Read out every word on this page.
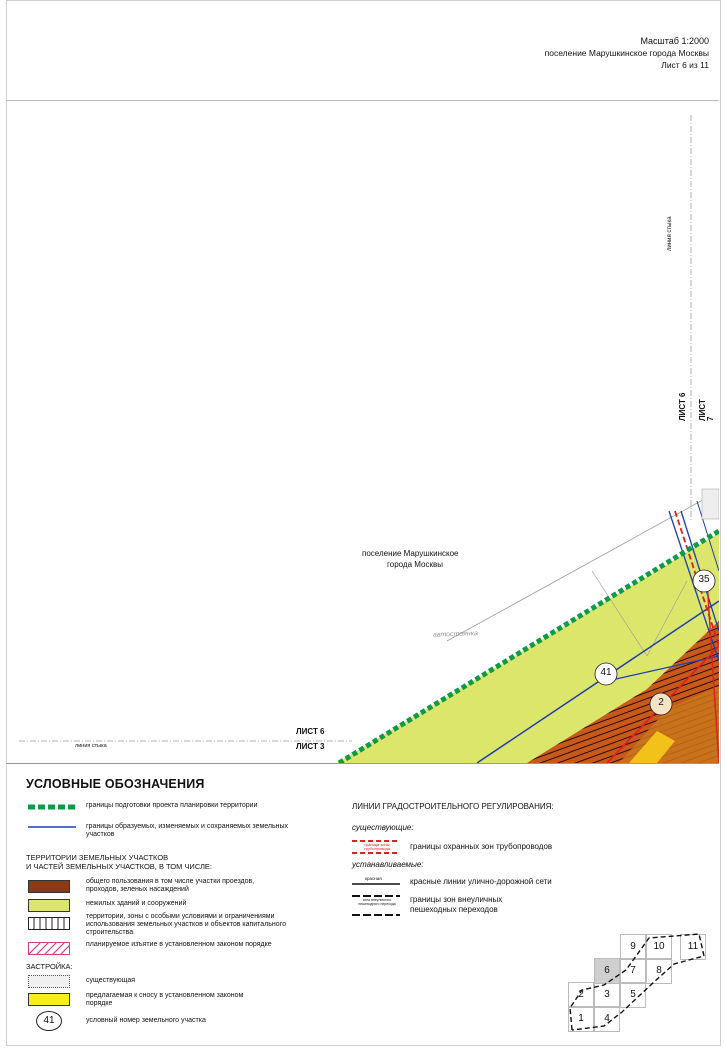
Масштаб 1:2000
поселение Марушкинское города Москвы
Лист 6 из 11
41
2
35
поселение Марушкинское
города Москвы
автостоянка
линия стыка
ЛИСТ 6 ЛИСТ 7
ЛИСТ 6
ЛИСТ 3
линия стыка
УСЛОВНЫЕ ОБОЗНАЧЕНИЯ
границы подготовки проекта планировки территории
границы образуемых, изменяемых и сохраняемых земельных участков
ТЕРРИТОРИИ ЗЕМЕЛЬНЫХ УЧАСТКОВ
И ЧАСТЕЙ ЗЕМЕЛЬНЫХ УЧАСТКОВ, В ТОМ ЧИСЛЕ:
общего пользования в том числе участки проездов, проходов, зеленых насаждений
нежилых зданий и сооружений
территории, зоны с особыми условиями и ограничениями использования земельных участков и объектов капитального строительства
планируемое изъятие в установленном законом порядке
ЗАСТРОЙКА:
существующая
предлагаемая к сносу в установленном законом порядке
41	условный номер земельного участка
ЛИНИИ ГРАДОСТРОИТЕЛЬНОГО РЕГУЛИРОВАНИЯ:
существующие:
граница зоны трубопровода	границы охранных зон трубопроводов
устанавливаемые:
красная	красные линии улично-дорожной сети
зона внеуличного пешеходного перехода	границы зон внеуличных пешеходных переходов
1
2	3
4
5
6	7	8
9	10	11
